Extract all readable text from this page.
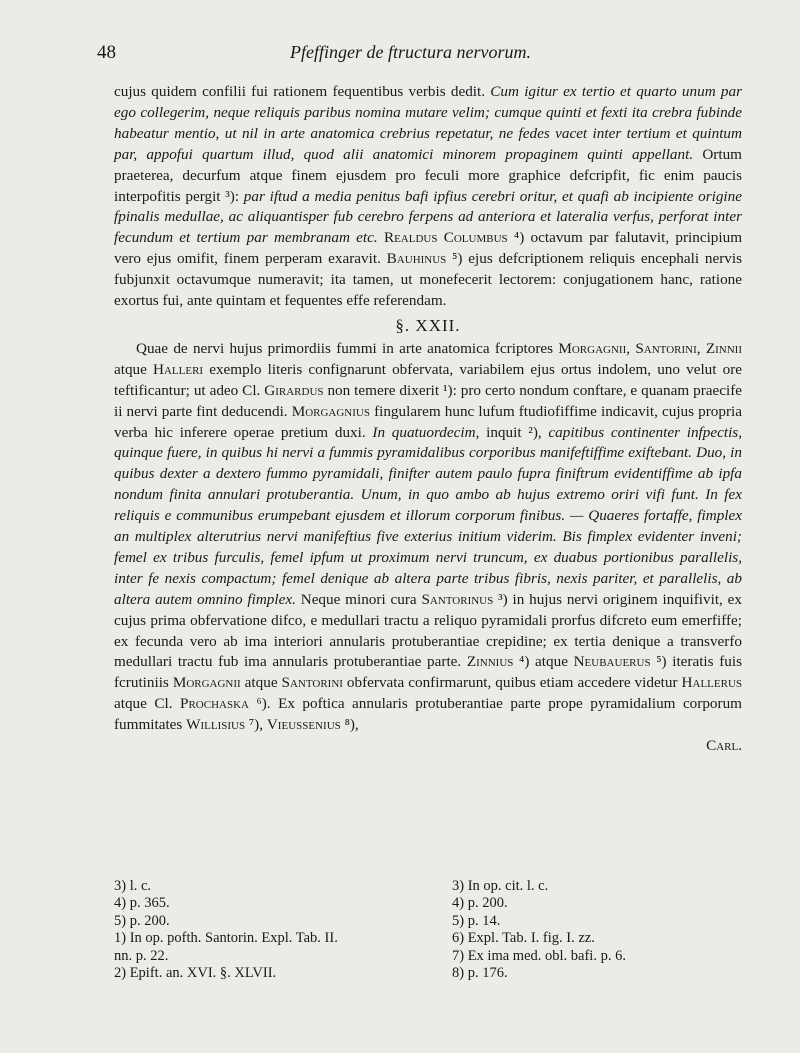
48	Pfeffinger de ftructura nervorum.

cujus quidem confilii fui rationem fequentibus verbis dedit. Cum igitur ex tertio et quarto unum par ego collegerim, neque reliquis paribus nomina mutare velim; cumque quinti et fexti ita crebra fubinde habeatur mentio, ut nil in arte anatomica crebrius repetatur, ne fedes vacet inter tertium et quintum par, appofui quartum illud, quod alii anatomici minorem propaginem quinti appellant. Ortum praeterea, decurfum atque finem ejusdem pro feculi more graphice defcripfit, fic enim paucis interpofitis pergit ³): par iftud a media penitus bafi ipfius cerebri oritur, et quafi ab incipiente origine fpinalis medullae, ac aliquantisper fub cerebro ferpens ad anteriora et lateralia verfus, perforat inter fecundum et tertium par membranam etc. Realdus Columbus ⁴) octavum par falutavit, principium vero ejus omifit, finem perperam exaravit. Bauhinus ⁵) ejus defcriptionem reliquis encephali nervis fubjunxit octavumque numeravit; ita tamen, ut monefecerit lectorem: conjugationem hanc, ratione exortus fui, ante quintam et fequentes effe referendam.

§. XXII.

Quae de nervi hujus primordiis fummi in arte anatomica fcriptores Morgagnii, Santorini, Zinnii atque Halleri exemplo literis confignarunt obfervata, variabilem ejus ortus indolem, uno velut ore teftificantur; ut adeo Cl. Girardus non temere dixerit ¹): pro certo nondum conftare, e quanam praecife ii nervi parte fint deducendi. Morgagnius fingularem hunc lufum ftudiofiffime indicavit, cujus propria verba hic inferere operae pretium duxi. In quatuordecim, inquit ²), capitibus continenter infpectis, quinque fuere, in quibus hi nervi a fummis pyramidalibus corporibus manifeftiffime exiftebant. Duo, in quibus dexter a dextero fummo pyramidali, finifter autem paulo fupra finiftrum evidentiffime ab ipfa nondum finita annulari protuberantia. Unum, in quo ambo ab hujus extremo oriri vifi funt. In fex reliquis e communibus erumpebant ejusdem et illorum corporum finibus. — Quaeres fortaffe, fimplex an multiplex alterutrius nervi manifeftius five exterius initium viderim. Bis fimplex evidenter inveni; femel ex tribus furculis, femel ipfum ut proximum nervi truncum, ex duabus portionibus parallelis, inter fe nexis compactum; femel denique ab altera parte tribus fibris, nexis pariter, et parallelis, ab altera autem omnino fimplex. Neque minori cura Santorinus ³) in hujus nervi originem inquifivit, ex cujus prima obfervatione difco, e medullari tractu a reliquo pyramidali prorfus difcreto eum emerfiffe; ex fecunda vero ab ima interiori annularis protuberantiae crepidine; ex tertia denique a transverfo medullari tractu fub ima annularis protuberantiae parte. Zinnius ⁴) atque Neubauerus ⁵) iteratis fuis fcrutiniis Morgagnii atque Santorini obfervata confirmarunt, quibus etiam accedere videtur Hallerus atque Cl. Prochaska ⁶). Ex poftica annularis protuberantiae parte prope pyramidalium corporum fummitates Willisius ⁷), Vieussenius ⁸),

Carl.
3) l. c.
4) p. 365.
5) p. 200.
1) In op. pofth. Santorin. Expl. Tab. II.
nn. p. 22.
2) Epift. an. XVI. §. XLVII.
3) In op. cit. l. c.
4) p. 200.
5) p. 14.
6) Expl. Tab. I. fig. I. zz.
7) Ex ima med. obl. bafi. p. 6.
8) p. 176.
